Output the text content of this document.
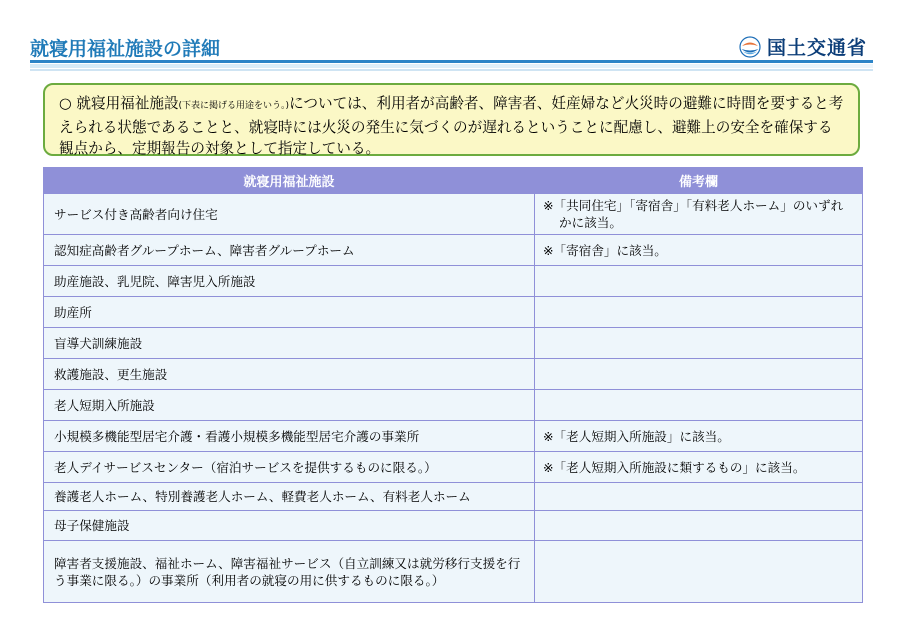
就寝用福祉施設の詳細	国土交通省
○ 就寝用福祉施設(下表に掲げる用途をいう。)については、利用者が高齢者、障害者、妊産婦など火災時の避難に時間を要すると考えられる状態であることと、就寝時には火災の発生に気づくのが遅れるということに配慮し、避難上の安全を確保する観点から、定期報告の対象として指定している。
就寝用福祉施設	備考欄
サービス付き高齢者向け住宅	※「共同住宅」「寄宿舎」「有料老人ホーム」のいずれかに該当。

認知症高齢者グループホーム、障害者グループホーム	※「寄宿舎」に該当。

助産施設、乳児院、障害児入所施設	

助産所	

盲導犬訓練施設	

救護施設、更生施設	

老人短期入所施設	

小規模多機能型居宅介護・看護小規模多機能型居宅介護の事業所	※「老人短期入所施設」に該当。

老人デイサービスセンター（宿泊サービスを提供するものに限る。）	※「老人短期入所施設に類するもの」に該当。

養護老人ホーム、特別養護老人ホーム、軽費老人ホーム、有料老人ホーム	

母子保健施設	

障害者支援施設、福祉ホーム、障害福祉サービス（自立訓練又は就労移行支援を行う事業に限る。）の事業所（利用者の就寝の用に供するものに限る。）	
